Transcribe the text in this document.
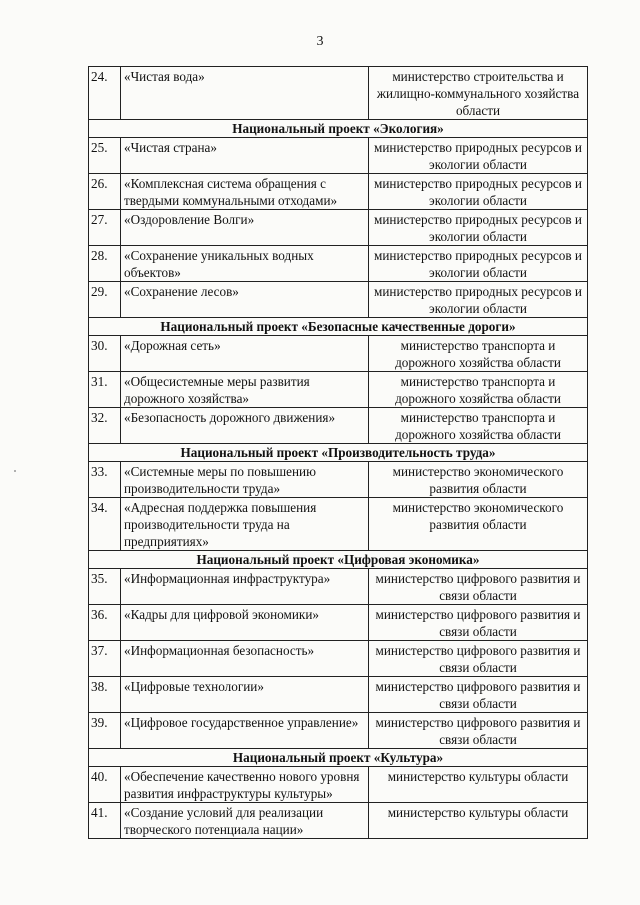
3
24.	«Чистая вода»	министерство строительства и жилищно-коммунального хозяйства области
Национальный проект «Экология»		
25.	«Чистая страна»	министерство природных ресурсов и экологии области
26.	«Комплексная система обращения с твердыми коммунальными отходами»	министерство природных ресурсов и экологии области
27.	«Оздоровление Волги»	министерство природных ресурсов и экологии области
28.	«Сохранение уникальных водных объектов»	министерство природных ресурсов и экологии области
29.	«Сохранение лесов»	министерство природных ресурсов и экологии области
Национальный проект «Безопасные качественные дороги»		
30.	«Дорожная сеть»	министерство транспорта и дорожного хозяйства области
31.	«Общесистемные меры развития дорожного хозяйства»	министерство транспорта и дорожного хозяйства области
32.	«Безопасность дорожного движения»	министерство транспорта и дорожного хозяйства области
Национальный проект «Производительность труда»		
33.	«Системные меры по повышению производительности труда»	министерство экономического развития области
34.	«Адресная поддержка повышения производительности труда на предприятиях»	министерство экономического развития области
Национальный проект «Цифровая экономика»		
35.	«Информационная инфраструктура»	министерство цифрового развития и связи области
36.	«Кадры для цифровой экономики»	министерство цифрового развития и связи области
37.	«Информационная безопасность»	министерство цифрового развития и связи области
38.	«Цифровые технологии»	министерство цифрового развития и связи области
39.	«Цифровое государственное управление»	министерство цифрового развития и связи области
Национальный проект «Культура»		
40.	«Обеспечение качественно нового уровня развития инфраструктуры культуры»	министерство культуры области
41.	«Создание условий для реализации творческого потенциала нации»	министерство культуры области
